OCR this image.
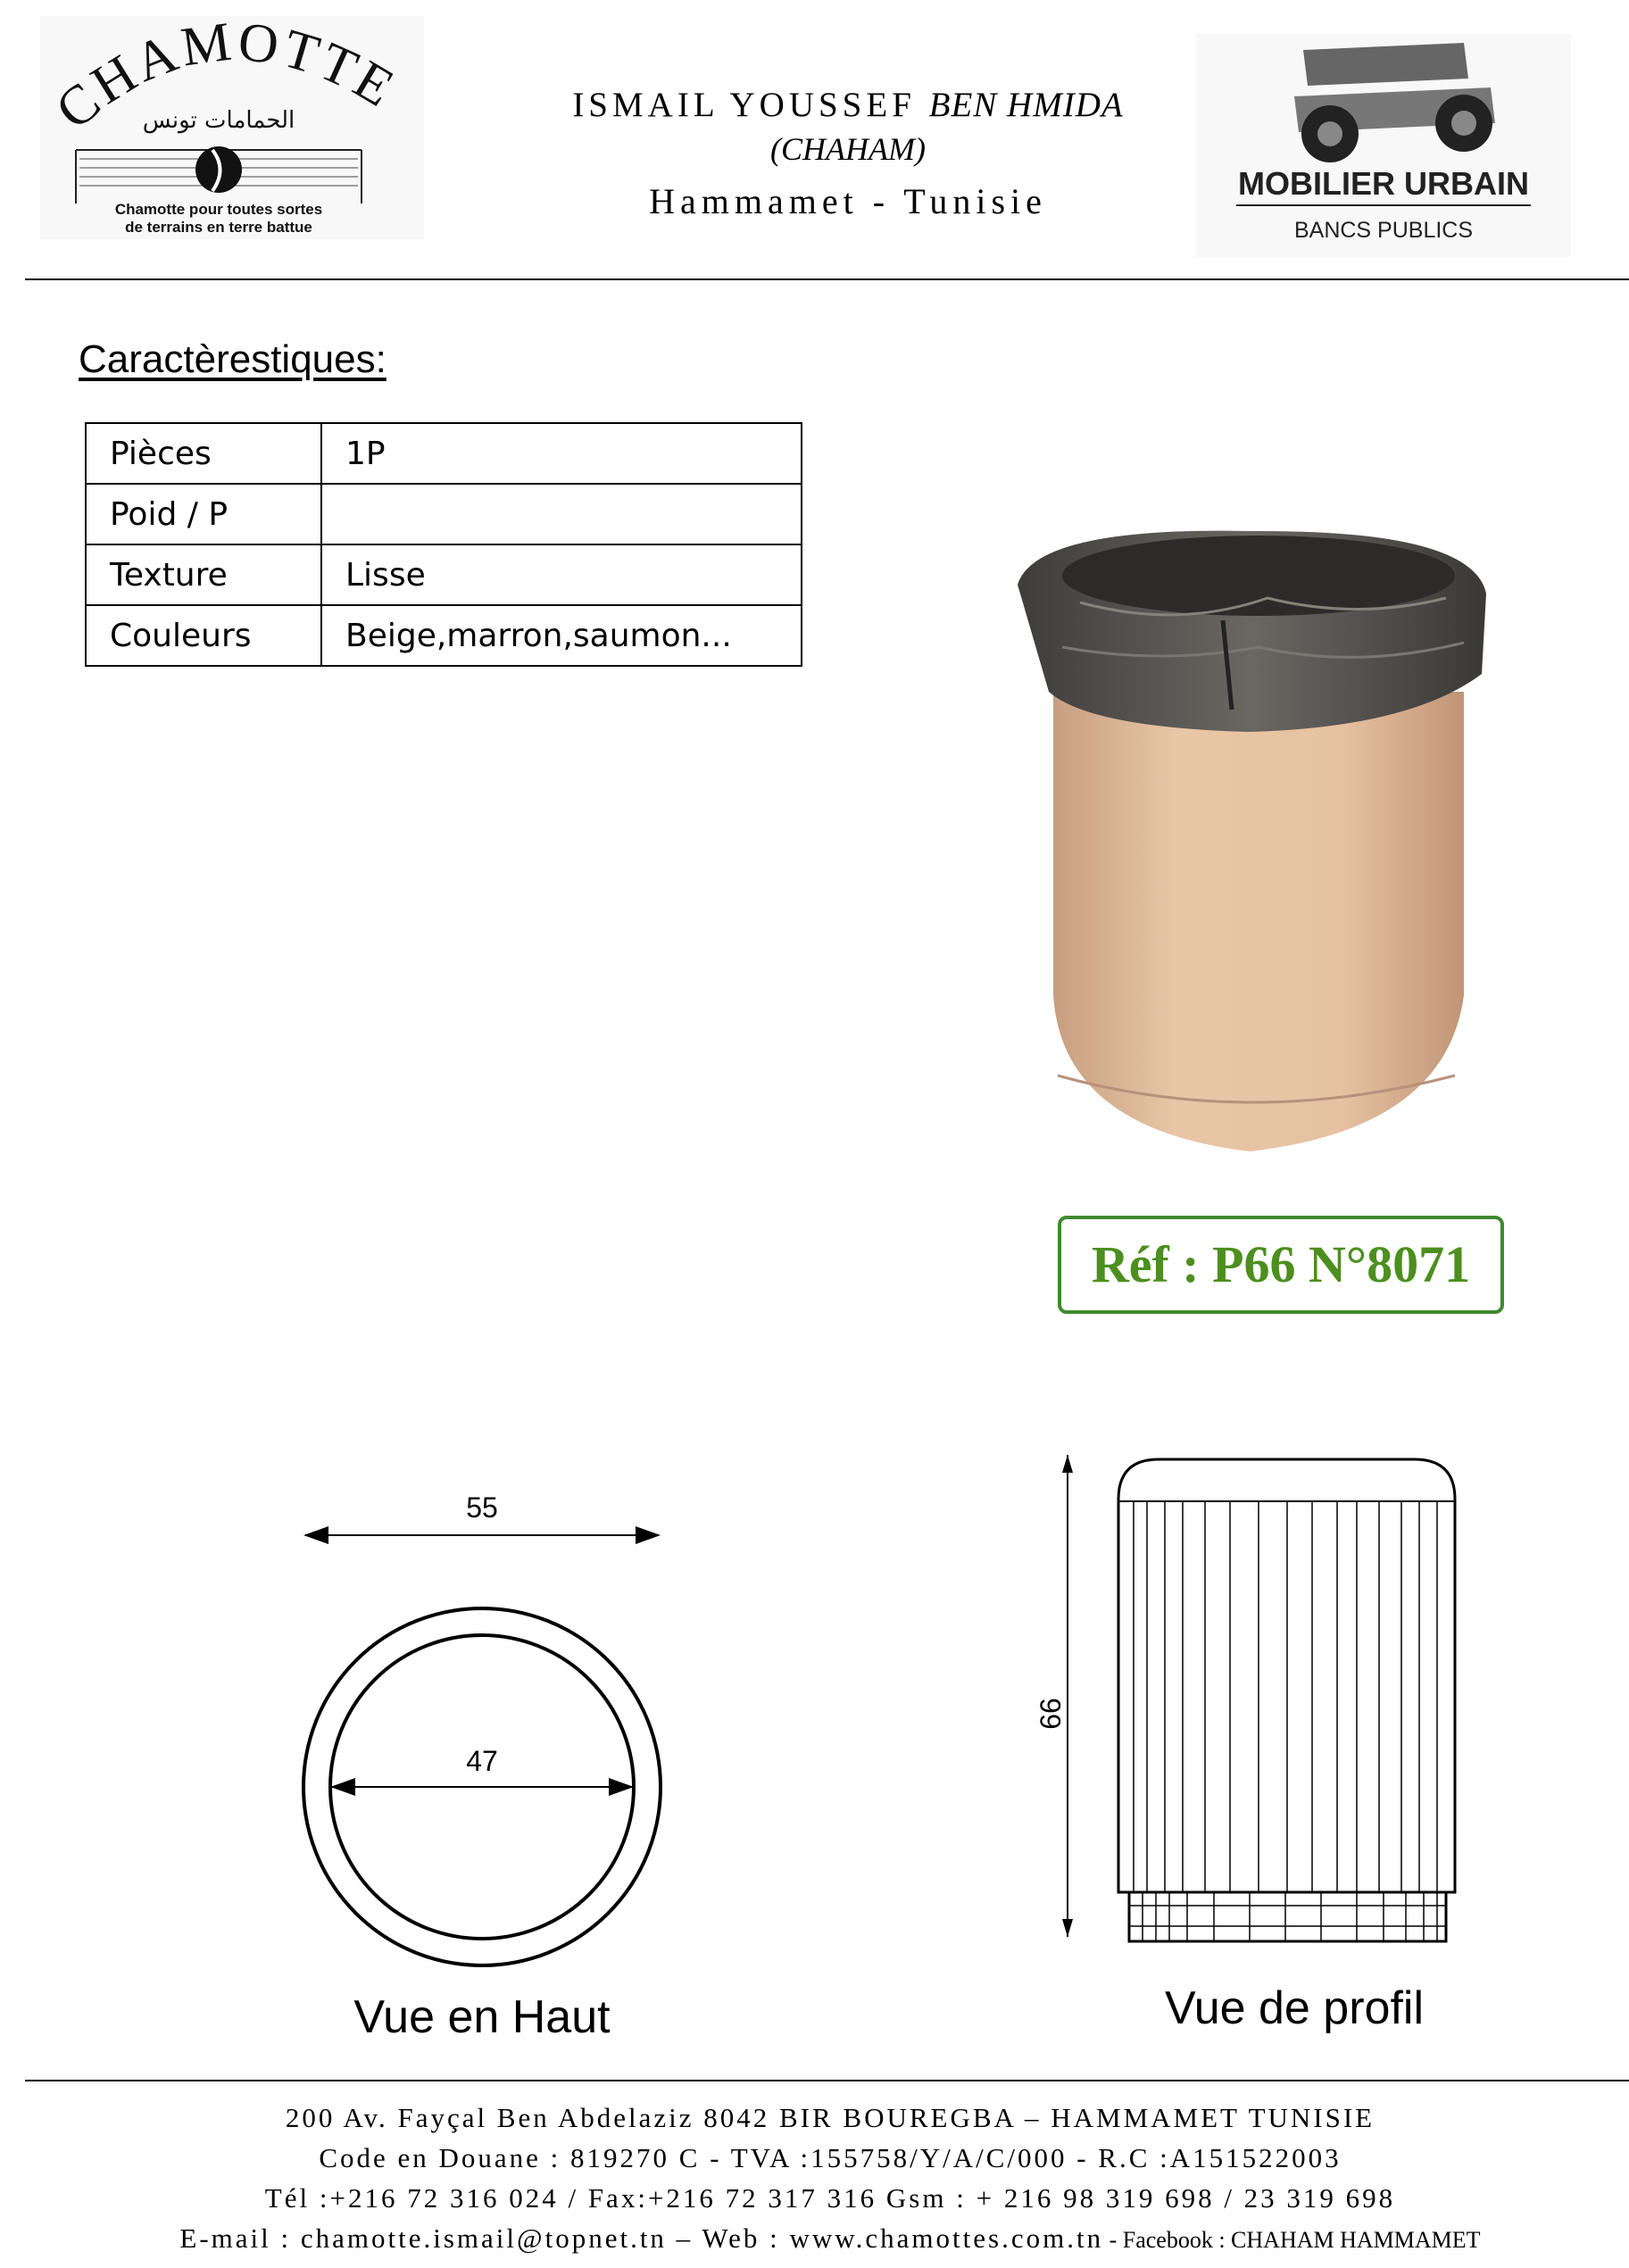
CHAMOTTE
الحمامات تونس
Chamotte pour toutes sortes
de terrains en terre battue
ISMAIL YOUSSEF BEN HMIDA
(CHAHAM)
Hammamet - Tunisie	MOBILIER URBAIN
BANCS PUBLICS
Caractèrestiques:
Pièces	1P
Poid / P	
Texture	Lisse
Couleurs	Beige,marron,saumon...
Réf : P66 N°8071
55
47
Vue en Haut
66
Vue de profil
200 Av. Fayçal Ben Abdelaziz 8042 BIR BOUREGBA – HAMMAMET TUNISIE
Code en Douane : 819270 C - TVA :155758/Y/A/C/000 - R.C :A151522003
Tél :+216 72 316 024 / Fax:+216 72 317 316 Gsm : + 216 98 319 698 / 23 319 698
E-mail : chamotte.ismail@topnet.tn – Web : www.chamottes.com.tn - Facebook : CHAHAM HAMMAMET
